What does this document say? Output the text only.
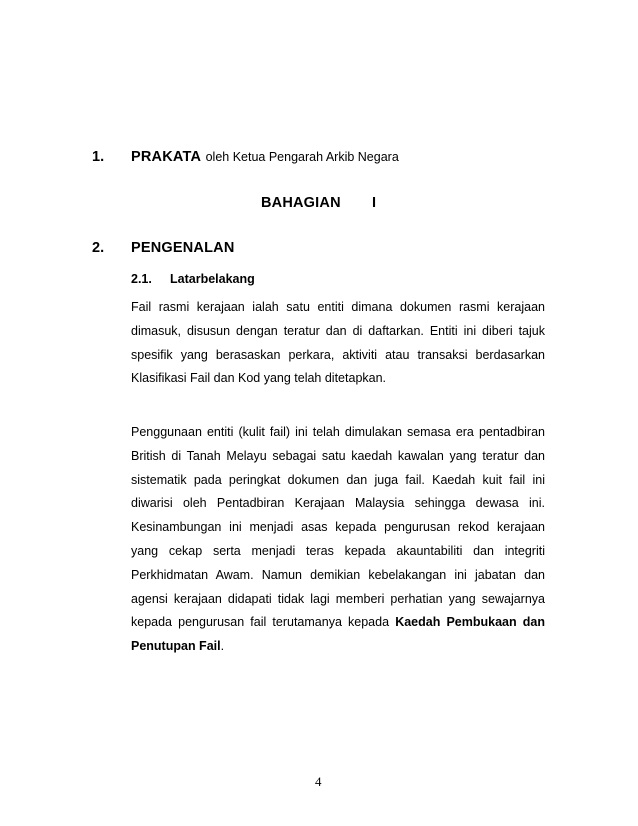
1. PRAKATA oleh Ketua Pengarah Arkib Negara
BAHAGIAN I
2. PENGENALAN
2.1. Latarbelakang
Fail rasmi kerajaan ialah satu entiti dimana dokumen rasmi kerajaan dimasuk, disusun dengan teratur dan di daftarkan. Entiti ini diberi tajuk spesifik yang berasaskan perkara, aktiviti atau transaksi berdasarkan Klasifikasi Fail dan Kod yang telah ditetapkan.
Penggunaan entiti (kulit fail) ini telah dimulakan semasa era pentadbiran British di Tanah Melayu sebagai satu kaedah kawalan yang teratur dan sistematik pada peringkat dokumen dan juga fail. Kaedah kuit fail ini diwarisi oleh Pentadbiran Kerajaan Malaysia sehingga dewasa ini. Kesinambungan ini menjadi asas kepada pengurusan rekod kerajaan yang cekap serta menjadi teras kepada akauntabiliti dan integriti Perkhidmatan Awam. Namun demikian kebelakangan ini jabatan dan agensi kerajaan didapati tidak lagi memberi perhatian yang sewajarnya kepada pengurusan fail terutamanya kepada Kaedah Pembukaan dan Penutupan Fail.
4
